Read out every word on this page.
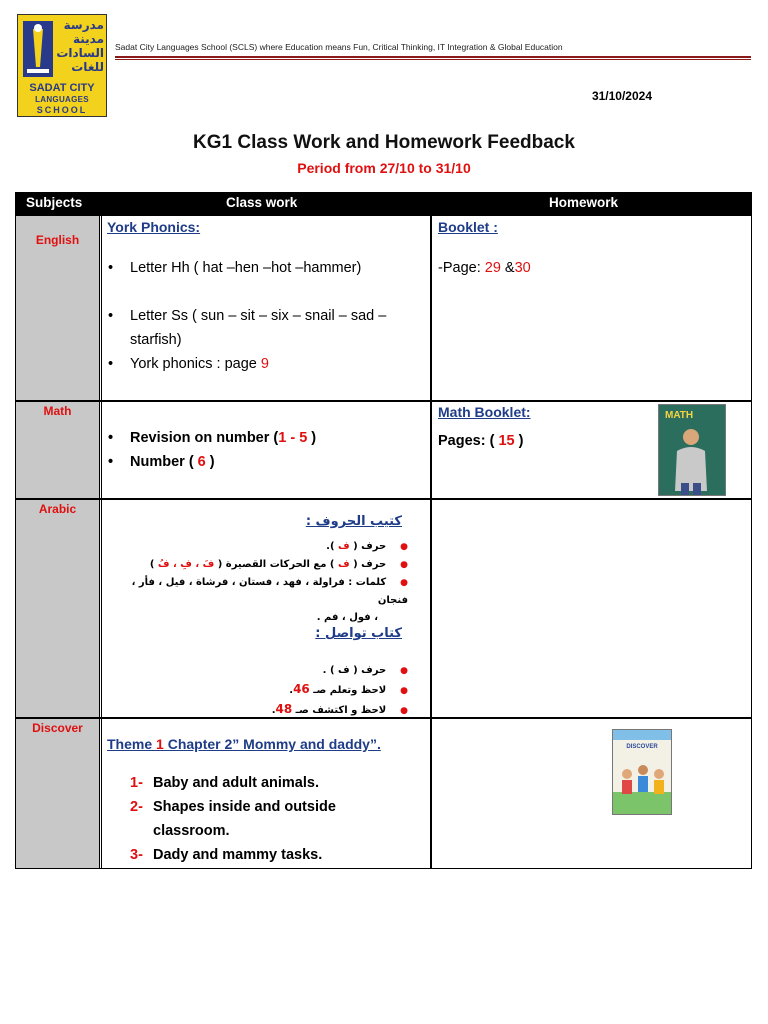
مدرسة مدينة السادات للغات
SADAT CITY
LANGUAGES
SCHOOL
Sadat City Languages School (SCLS) where Education means Fun, Critical Thinking, IT Integration & Global Education
31/10/2024
KG1 Class Work and Homework Feedback
Period from 27/10 to 31/10
Subjects	Class work	Homework
English
York Phonics:
• Letter Hh ( hat –hen –hot –hammer)
• Letter Ss ( sun – sit – six – snail – sad –
starfish)
• York phonics : page 9
Booklet :
-Page: 29 &30
Math
• Revision on number (1 - 5 )
• Number ( 6 )
Math Booklet:
Pages: ( 15 )
MATH
Arabic
كتيب الحروف :
●    حرف ( ف ).
●    حرف ( ف ) مع الحركات القصيرة ( فَ ، فِ ، فُ )
●    كلمات : فراولة ، فهد ، فستان ، فرشاة ، فيل ، فأر ، فنجان
، فول ، فم .
كتاب تواصل :
●    حرف ( ف ) .
●    لاحظ وتعلم صـ 46.
●    لاحظ و اكتشف صـ 48.
Discover
Theme 1 Chapter 2” Mommy and daddy”.
1- Baby and adult animals.
2- Shapes inside and outside
classroom.
3- Dady and mammy tasks.
DISCOVER
